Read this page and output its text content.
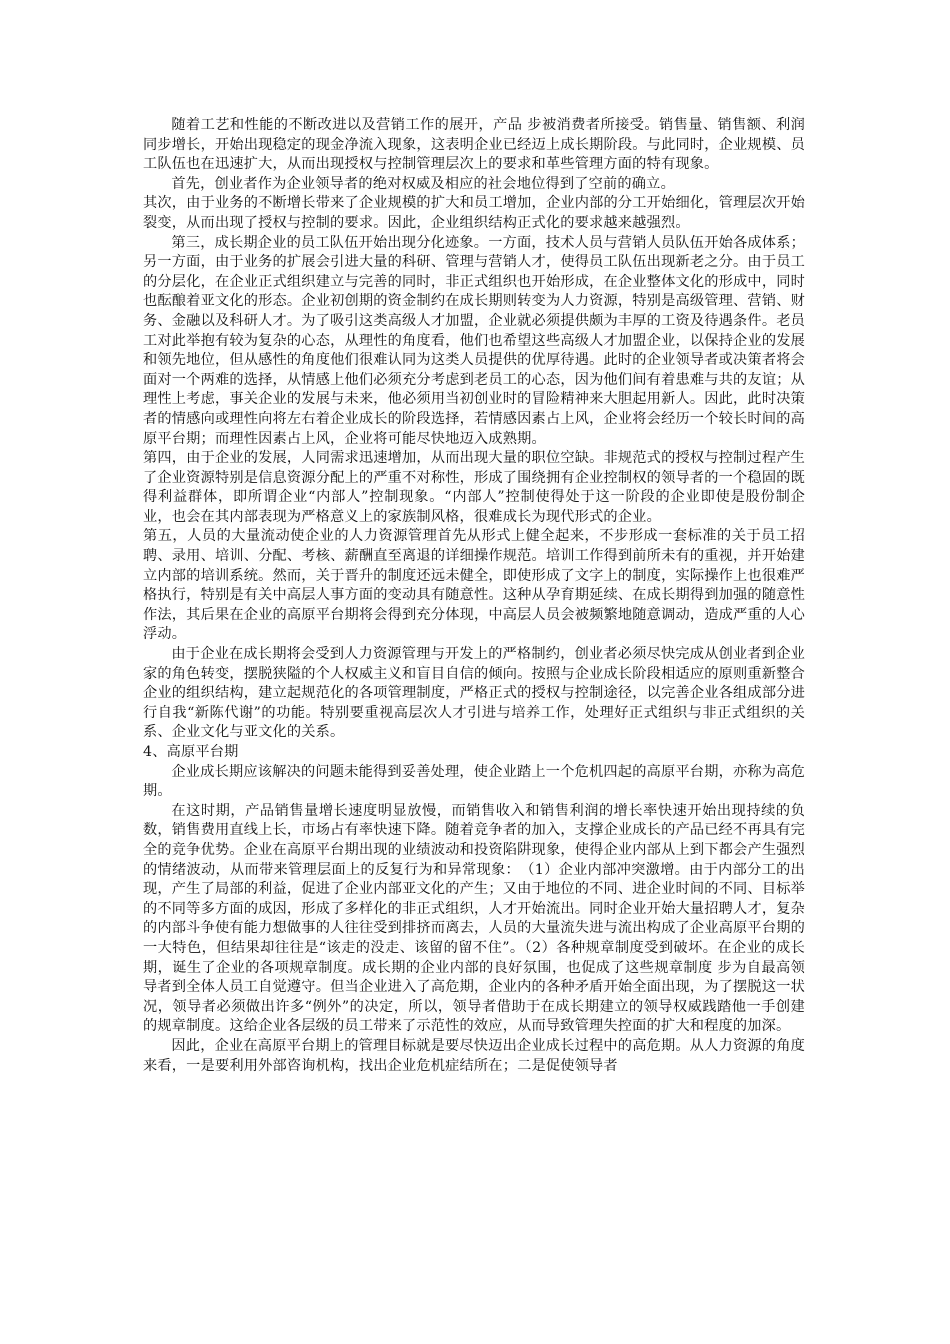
随着工艺和性能的不断改进以及营销工作的展开，产品 步被消费者所接受。销售量、销售额、利润同步增长，开始出现稳定的现金净流入现象，这表明企业已经迈上成长期阶段。与此同时，企业规模、员工队伍也在迅速扩大，从而出现授权与控制管理层次上的要求和革些管理方面的特有现象。

首先，创业者作为企业领导者的绝对权威及相应的社会地位得到了空前的确立。

其次，由于业务的不断增长带来了企业规模的扩大和员工增加，企业内部的分工开始细化，管理层次开始裂变，从而出现了授权与控制的要求。因此，企业组织结构正式化的要求越来越强烈。

第三，成长期企业的员工队伍开始出现分化迹象。一方面，技术人员与营销人员队伍开始各成体系；另一方面，由于业务的扩展会引进大量的科研、管理与营销人才，使得员工队伍出现新老之分。由于员工的分层化，在企业正式组织建立与完善的同时，非正式组织也开始形成，在企业整体文化的形成中，同时也酝酿着亚文化的形态。企业初创期的资金制约在成长期则转变为人力资源，特别是高级管理、营销、财务、金融以及科研人才。为了吸引这类高级人才加盟，企业就必须提供颇为丰厚的工资及待遇条件。老员工对此举抱有较为复杂的心态，从理性的角度看，他们也希望这些高级人才加盟企业，以保持企业的发展和领先地位，但从感性的角度他们很难认同为这类人员提供的优厚待遇。此时的企业领导者或决策者将会面对一个两难的选择，从情感上他们必须充分考虑到老员工的心态，因为他们间有着患难与共的友谊；从理性上考虑，事关企业的发展与未来，他必须用当初创业时的冒险精神来大胆起用新人。因此，此时决策者的情感向或理性向将左右着企业成长的阶段选择，若情感因素占上风，企业将会经历一个较长时间的高原平台期；而理性因素占上风，企业将可能尽快地迈入成熟期。

第四，由于企业的发展，人同需求迅速增加，从而出现大量的职位空缺。非规范式的授权与控制过程产生了企业资源特别是信息资源分配上的严重不对称性，形成了围绕拥有企业控制权的领导者的一个稳固的既得利益群体，即所谓企业“内部人”控制现象。“内部人”控制使得处于这一阶段的企业即使是股份制企业，也会在其内部表现为严格意义上的家族制风格，很难成长为现代形式的企业。

第五，人员的大量流动使企业的人力资源管理首先从形式上健全起来，不步形成一套标准的关于员工招聘、录用、培训、分配、考核、薪酬直至离退的详细操作规范。培训工作得到前所未有的重视，并开始建立内部的培训系统。然而，关于晋升的制度还远未健全，即使形成了文字上的制度，实际操作上也很难严格执行，特别是有关中高层人事方面的变动具有随意性。这种从孕育期延续、在成长期得到加强的随意性作法，其后果在企业的高原平台期将会得到充分体现，中高层人员会被频繁地随意调动，造成严重的人心浮动。

由于企业在成长期将会受到人力资源管理与开发上的严格制约，创业者必须尽快完成从创业者到企业家的角色转变，摆脱狭隘的个人权威主义和盲目自信的倾向。按照与企业成长阶段相适应的原则重新整合企业的组织结构，建立起规范化的各项管理制度，严格正式的授权与控制途径，以完善企业各组成部分进行自我“新陈代谢”的功能。特别要重视高层次人才引进与培养工作，处理好正式组织与非正式组织的关系、企业文化与亚文化的关系。

4、高原平台期

企业成长期应该解决的问题未能得到妥善处理，使企业踏上一个危机四起的高原平台期，亦称为高危期。

在这时期，产品销售量增长速度明显放慢，而销售收入和销售利润的增长率快速开始出现持续的负数，销售费用直线上长，市场占有率快速下降。随着竞争者的加入，支撑企业成长的产品已经不再具有完全的竞争优势。企业在高原平台期出现的业绩波动和投资陷阱现象，使得企业内部从上到下都会产生强烈的情绪波动，从而带来管理层面上的反复行为和异常现象：　（1）企业内部冲突激增。由于内部分工的出现，产生了局部的利益，促进了企业内部亚文化的产生；又由于地位的不同、进企业时间的不同、目标举的不同等多方面的成因，形成了多样化的非正式组织，人才开始流出。同时企业开始大量招聘人才，复杂的内部斗争使有能力想做事的人往往受到排挤而离去，人员的大量流失进与流出构成了企业高原平台期的一大特色，但结果却往往是“该走的没走、该留的留不住”。（2）各种规章制度受到破坏。在企业的成长期，诞生了企业的各项规章制度。成长期的企业内部的良好氛围，也促成了这些规章制度 步为自最高领导者到全体人员工自觉遵守。但当企业进入了高危期，企业内的各种矛盾开始全面出现，为了摆脱这一状况，领导者必须做出许多“例外”的决定，所以，领导者借助于在成长期建立的领导权威践踏他一手创建的规章制度。这给企业各层级的员工带来了示范性的效应，从而导致管理失控面的扩大和程度的加深。

因此，企业在高原平台期上的管理目标就是要尽快迈出企业成长过程中的高危期。从人力资源的角度来看，一是要利用外部咨询机构，找出企业危机症结所在；二是促使领导者
